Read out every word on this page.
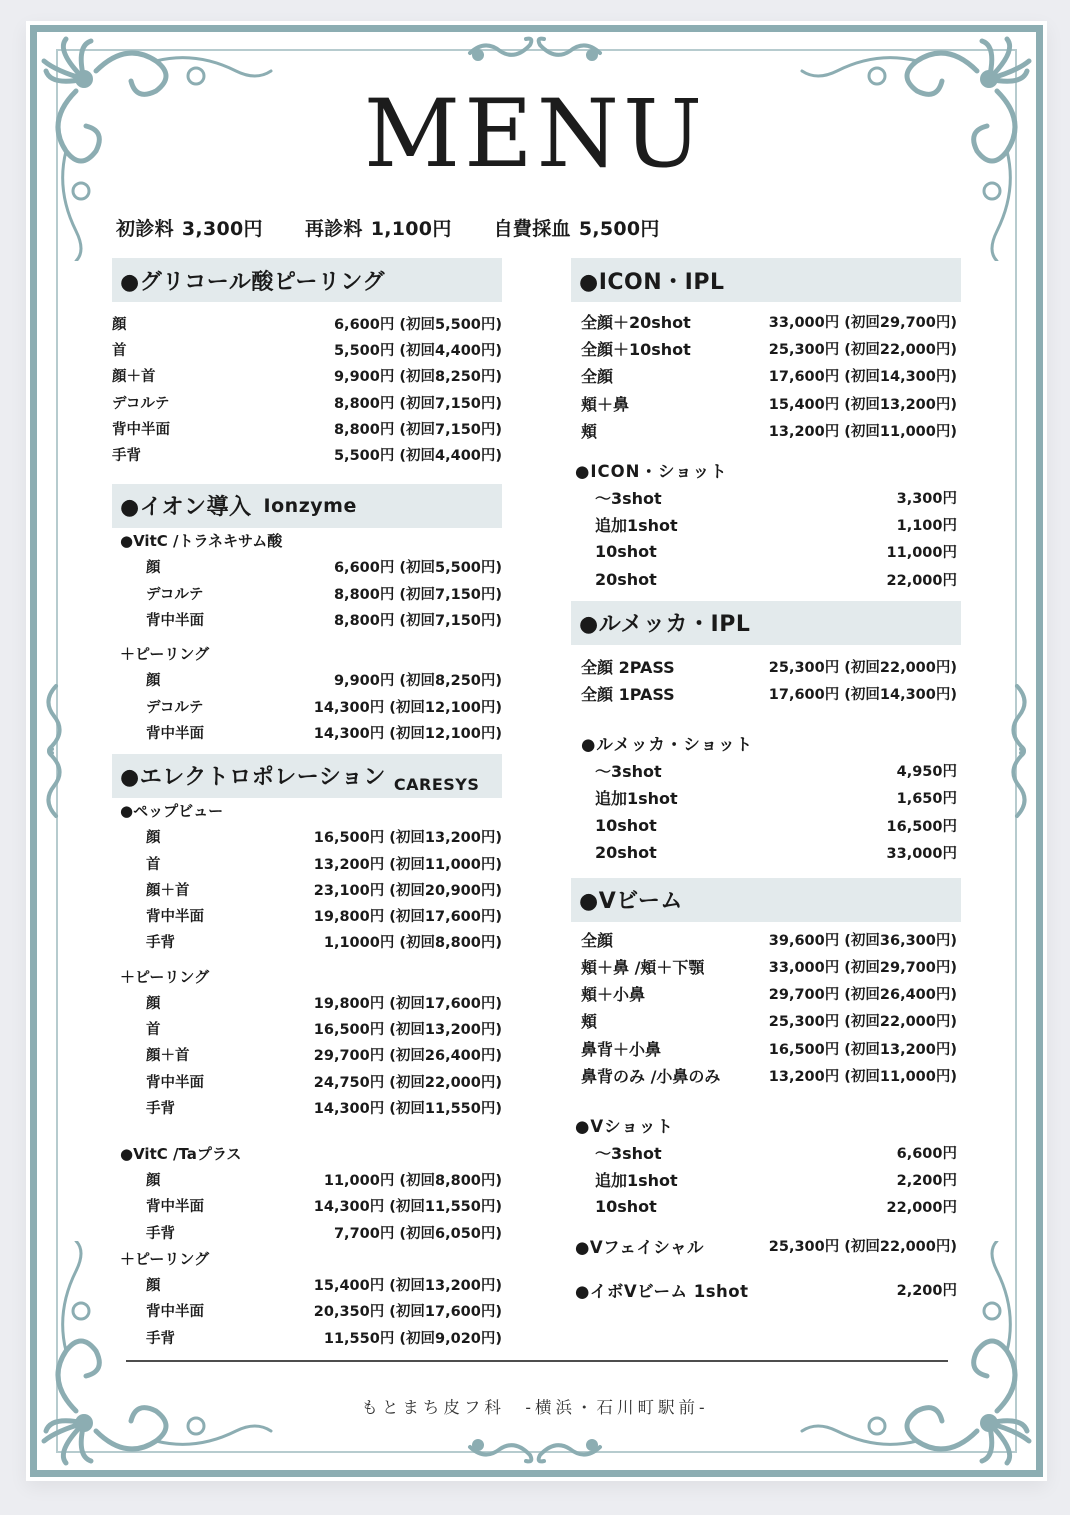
MENU
初診料 3,300円 再診料 1,100円 自費採血 5,500円
●グリコール酸ピーリング
顔	6,600円 (初回5,500円)
首	5,500円 (初回4,400円)
顔＋首	9,900円 (初回8,250円)
デコルテ	8,800円 (初回7,150円)
背中半面	8,800円 (初回7,150円)
手背	5,500円 (初回4,400円)
●イオン導入 Ionzyme
●VitC /トラネキサム酸
顔	6,600円 (初回5,500円)
デコルテ	8,800円 (初回7,150円)
背中半面	8,800円 (初回7,150円)
＋ピーリング
顔	9,900円 (初回8,250円)
デコルテ	14,300円 (初回12,100円)
背中半面	14,300円 (初回12,100円)
●エレクトロポレーション CARESYS
●ペップビュー
顔	16,500円 (初回13,200円)
首	13,200円 (初回11,000円)
顔＋首	23,100円 (初回20,900円)
背中半面	19,800円 (初回17,600円)
手背	1,1000円 (初回8,800円)
＋ピーリング
顔	19,800円 (初回17,600円)
首	16,500円 (初回13,200円)
顔＋首	29,700円 (初回26,400円)
背中半面	24,750円 (初回22,000円)
手背	14,300円 (初回11,550円)
●VitC /Taプラス
顔	11,000円 (初回8,800円)
背中半面	14,300円 (初回11,550円)
手背	7,700円 (初回6,050円)
＋ピーリング
顔	15,400円 (初回13,200円)
背中半面	20,350円 (初回17,600円)
手背	11,550円 (初回9,020円)
●ICON・IPL
全顔＋20shot	33,000円 (初回29,700円)
全顔＋10shot	25,300円 (初回22,000円)
全顔	17,600円 (初回14,300円)
頬＋鼻	15,400円 (初回13,200円)
頬	13,200円 (初回11,000円)
●ICON・ショット
～3shot	3,300円
追加1shot	1,100円
10shot	11,000円
20shot	22,000円
●ルメッカ・IPL
全顔 2PASS	25,300円 (初回22,000円)
全顔 1PASS	17,600円 (初回14,300円)
●ルメッカ・ショット
～3shot	4,950円
追加1shot	1,650円
10shot	16,500円
20shot	33,000円
●Vビーム
全顔	39,600円 (初回36,300円)
頬＋鼻 /頬＋下顎	33,000円 (初回29,700円)
頬＋小鼻	29,700円 (初回26,400円)
頬	25,300円 (初回22,000円)
鼻背＋小鼻	16,500円 (初回13,200円)
鼻背のみ /小鼻のみ	13,200円 (初回11,000円)
●Vショット
～3shot	6,600円
追加1shot	2,200円
10shot	22,000円
●Vフェイシャル	25,300円 (初回22,000円)
●イボVビーム 1shot	2,200円
もとまち皮フ科　-横浜・石川町駅前-
